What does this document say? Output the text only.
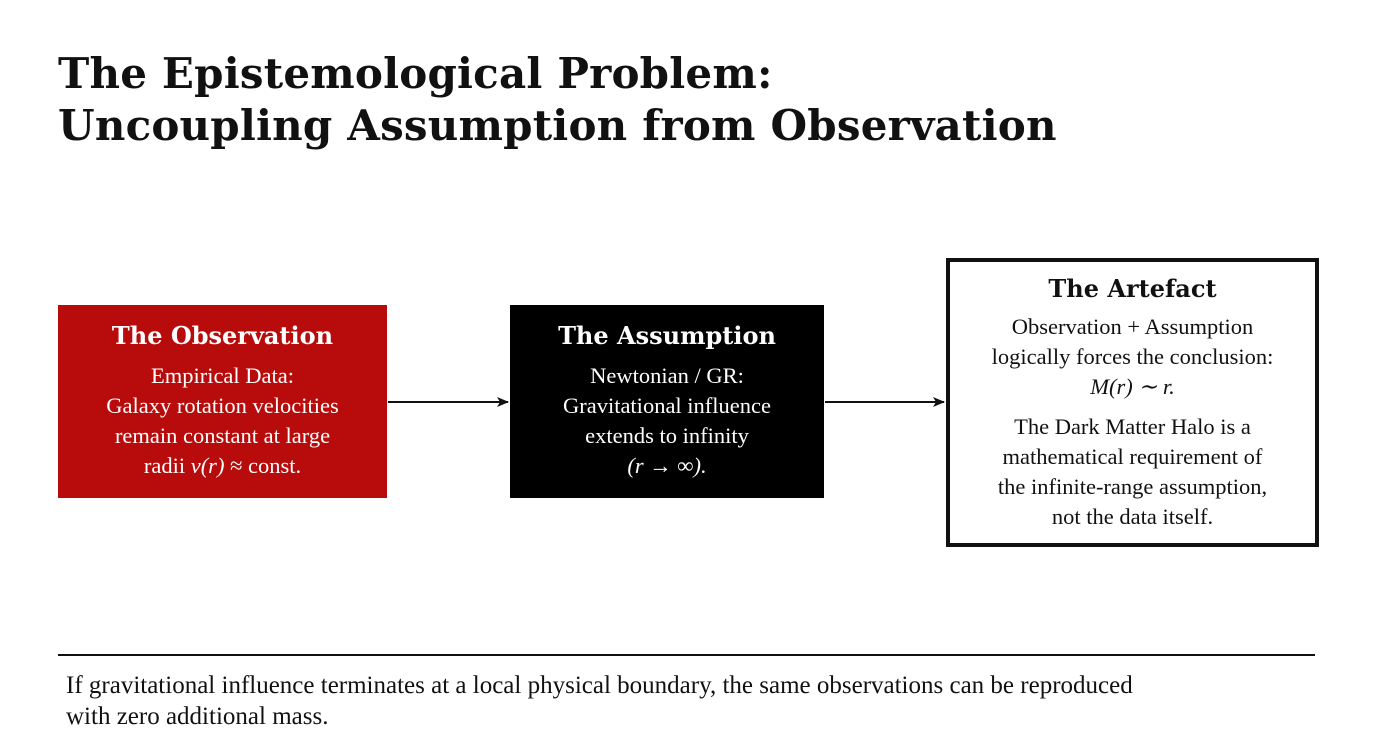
The Epistemological Problem:
Uncoupling Assumption from Observation
The Observation
Empirical Data:
Galaxy rotation velocities
remain constant at large
radii v(r) ≈ const.
The Assumption
Newtonian / GR:
Gravitational influence
extends to infinity
(r → ∞).
The Artefact
Observation + Assumption
logically forces the conclusion:
M(r) ∼ r.
The Dark Matter Halo is a
mathematical requirement of
the infinite-range assumption,
not the data itself.

If gravitational influence terminates at a local physical boundary, the same observations can be reproduced
with zero additional mass.
